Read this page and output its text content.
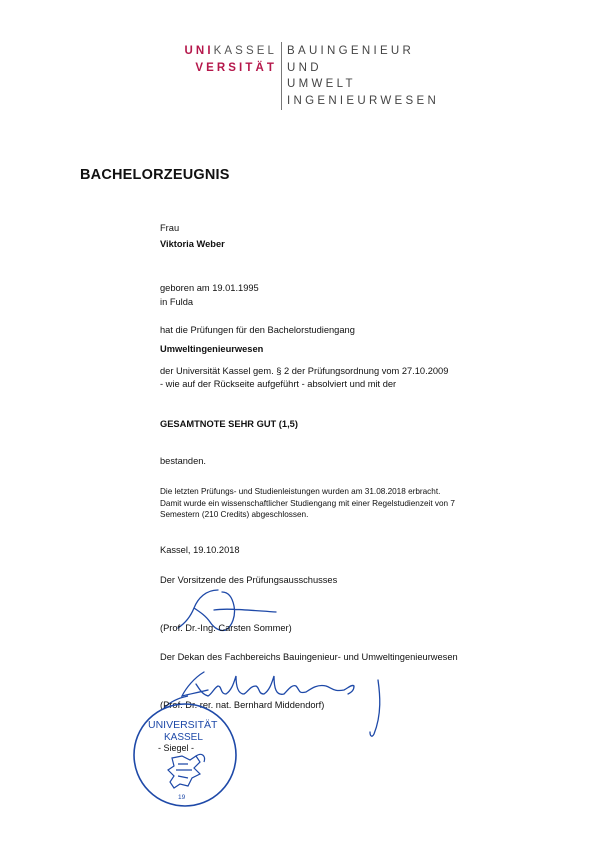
UNIKASSEL
VERSITÄT
BAUINGENIEUR
UND
UMWELT
INGENIEURWESEN
BACHELORZEUGNIS
Frau
Viktoria Weber
geboren am 19.01.1995
in Fulda
hat die Prüfungen für den Bachelorstudiengang
Umweltingenieurwesen
der Universität Kassel gem. § 2 der Prüfungsordnung vom 27.10.2009
- wie auf der Rückseite aufgeführt - absolviert und mit der
GESAMTNOTE SEHR GUT (1,5)
bestanden.
Die letzten Prüfungs- und Studienleistungen wurden am 31.08.2018 erbracht.
Damit wurde ein wissenschaftlicher Studiengang mit einer Regelstudienzeit von 7
Semestern (210 Credits) abgeschlossen.
Kassel, 19.10.2018
Der Vorsitzende des Prüfungsausschusses
(Prof. Dr.-Ing. Carsten Sommer)
Der Dekan des Fachbereichs Bauingenieur- und Umweltingenieurwesen
(Prof. Dr. rer. nat. Bernhard Middendorf)
UNIVERSITÄT
KASSEL
- Siegel -
19
